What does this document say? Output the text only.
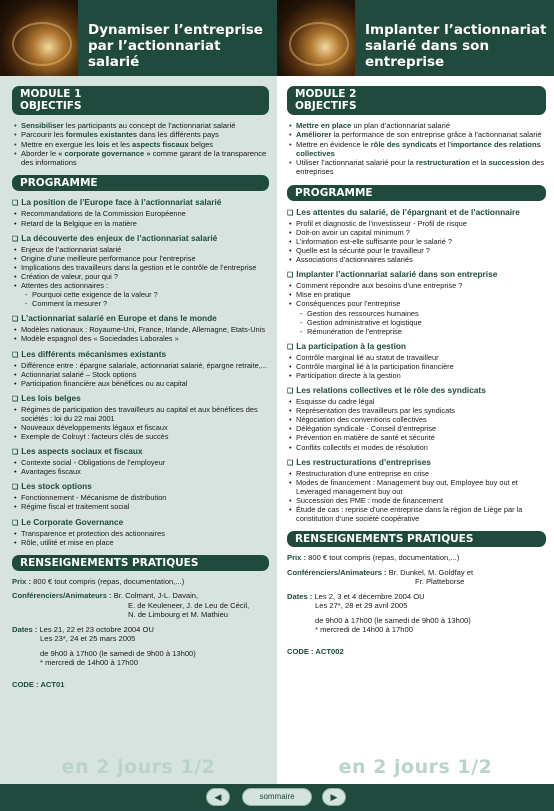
Dynamiser l’entreprise par l’actionnariat salarié
MODULE 1
OBJECTIFS
• Sensibiliser les participants au concept de l’actionnariat salarié
• Parcourir les formules existantes dans les différents pays
• Mettre en exergue les lois et les aspects fiscaux belges
• Aborder le « corporate governance » comme garant de la transparence des informations
PROGRAMME
❏ La position de l’Europe face à l’actionnariat salarié
• Recommandations de la Commission Européenne
• Retard de la Belgique en la matière
❏ La découverte des enjeux de l’actionnariat salarié
• Enjeux de l’actionnariat salarié
• Origine d’une meilleure performance pour l’entreprise
• Implications des travailleurs dans la gestion et le contrôle de l’entreprise
• Création de valeur, pour qui ?
• Attentes des actionnaires :
- Pourquoi cette exigence de la valeur ?
- Comment la mesurer ?
❏ L’actionnariat salarié en Europe et dans le monde
• Modèles nationaux : Royaume-Uni, France, Irlande, Allemagne, Etats-Unis
• Modèle espagnol des « Sociedades Laborales »
❏ Les différents mécanismes existants
• Différence entre : épargne salariale, actionnariat salarié, épargne retraite,...
• Actionnariat salarié – Stock options
• Participation financière aux bénéfices ou au capital
❏ Les lois belges
• Régimes de participation des travailleurs au capital et aux bénéfices des sociétés : loi du 22 mai 2001
• Nouveaux développements légaux et fiscaux
• Exemple de Colruyt : facteurs clés de succès
❏ Les aspects sociaux et fiscaux
• Contexte social - Obligations de l’employeur
• Avantages fiscaux
❏ Les stock options
• Fonctionnement - Mécanisme de distribution
• Régime fiscal et traitement social
❏ Le Corporate Governance
• Transparence et protection des actionnaires
• Rôle, utilité et mise en place
RENSEIGNEMENTS PRATIQUES
Prix : 800 € tout compris (repas, documentation,...)
Conférenciers/Animateurs : Br. Colmant, J-L. Davain,
E. de Keuleneer, J. de Leu de Cécil,
N. de Limbourg et M. Mathieu
Dates : Les 21, 22 et 23 octobre 2004 OU
Les 23*, 24 et 25 mars 2005
de 9h00 à 17h00 (le samedi de 9h00 à 13h00)
* mercredi de 14h00 à 17h00
CODE : ACT01
en 2 jours 1/2
Implanter l’actionnariat salarié dans son entreprise
MODULE 2
OBJECTIFS
• Mettre en place un plan d’actionnariat salarié
• Améliorer la performance de son entreprise grâce à l’actionnariat salarié
• Mettre en évidence le rôle des syndicats et l’importance des relations collectives
• Utiliser l’actionnariat salarié pour la restructuration et la succession des entreprises
PROGRAMME
❏ Les attentes du salarié, de l’épargnant et de l’actionnaire
• Profil et diagnostic de l’investisseur - Profil de risque
• Doit-on avoir un capital minimum ?
• L’information est-elle suffisante pour le salarié ?
• Quelle est la sécurité pour le travailleur ?
• Associations d’actionnaires salariés
❏ Implanter l’actionnariat salarié dans son entreprise
• Comment répondre aux besoins d’une entreprise ?
• Mise en pratique
• Conséquences pour l’entreprise
- Gestion des ressources humaines
- Gestion administrative et logistique
- Rémunération de l’entreprise
❏ La participation à la gestion
• Contrôle marginal lié au statut de travailleur
• Contrôle marginal lié à la participation financière
• Participation directe à la gestion
❏ Les relations collectives et le rôle des syndicats
• Esquisse du cadre légal
• Représentation des travailleurs par les syndicats
• Négociation des conventions collectives
• Délégation syndicale - Conseil d’entreprise
• Prévention en matière de santé et sécurité
• Conflits collectifs et modes de résolution
❏ Les restructurations d’entreprises
• Restructuration d’une entreprise en crise
• Modes de financement : Management buy out, Employee buy out et Leveraged management buy out
• Succession des PME : mode de financement
• Étude de cas : reprise d’une entreprise dans la région de Liège par la constitution d’une société coopérative
RENSEIGNEMENTS PRATIQUES
Prix : 800 € tout compris (repas, documentation,...)
Conférenciers/Animateurs : Br. Dunkel, M. Goldfay et
Fr. Platteborse
Dates : Les 2, 3 et 4 décembre 2004 OU
Les 27*, 28 et 29 avril 2005
de 9h00 à 17h00 (le samedi de 9h00 à 13h00)
* mercredi de 14h00 à 17h00
CODE : ACT002
en 2 jours 1/2
◀	sommaire	▶
